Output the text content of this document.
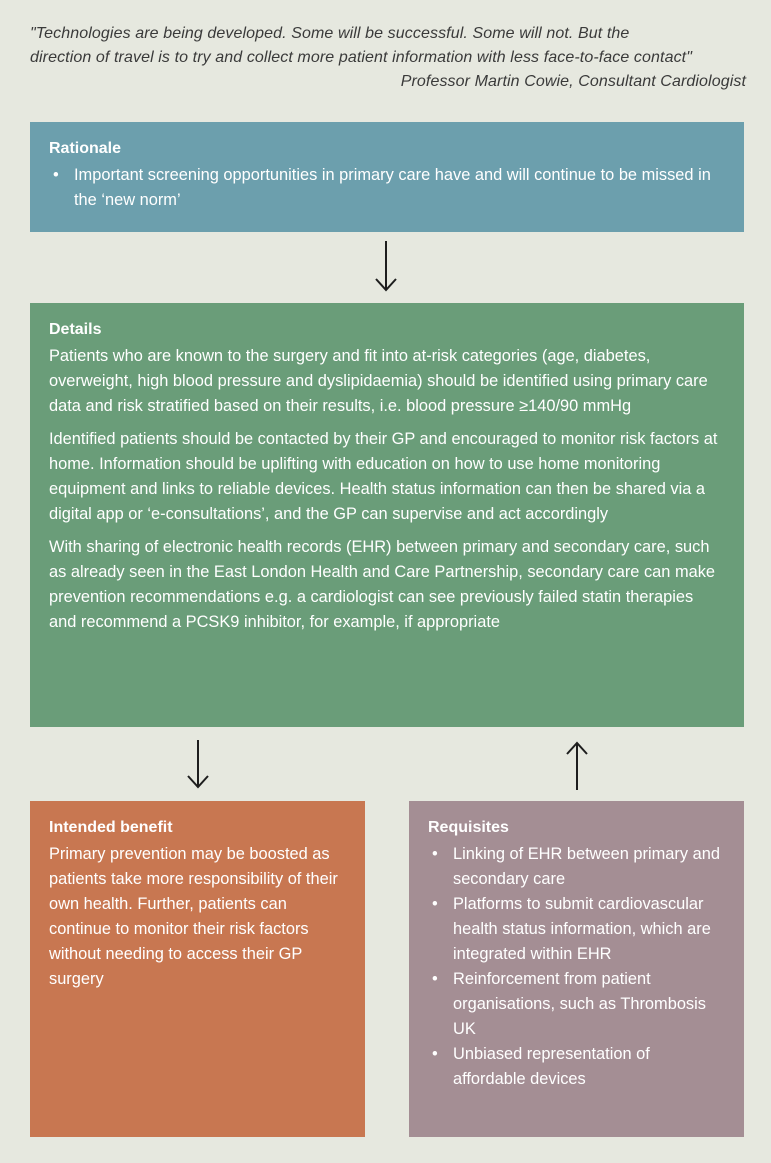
"Technologies are being developed. Some will be successful. Some will not. But the
direction of travel is to try and collect more patient information with less face-to-face contact"
Professor Martin Cowie, Consultant Cardiologist
Rationale
• Important screening opportunities in primary care have and will continue to be missed in the ‘new norm’
Details

Patients who are known to the surgery and fit into at-risk categories (age, diabetes, overweight, high blood pressure and dyslipidaemia) should be identified using primary care data and risk stratified based on their results, i.e. blood pressure ≥140/90 mmHg

Identified patients should be contacted by their GP and encouraged to monitor risk factors at home. Information should be uplifting with education on how to use home monitoring equipment and links to reliable devices. Health status information can then be shared via a digital app or ‘e-consultations’, and the GP can supervise and act accordingly

With sharing of electronic health records (EHR) between primary and secondary care, such as already seen in the East London Health and Care Partnership, secondary care can make prevention recommendations e.g. a cardiologist can see previously failed statin therapies and recommend a PCSK9 inhibitor, for example, if appropriate

Intended benefit

Primary prevention may be boosted as patients take more responsibility of their own health. Further, patients can continue to monitor their risk factors without needing to access their GP surgery

Requisites
• Linking of EHR between primary and secondary care
• Platforms to submit cardiovascular health status information, which are integrated within EHR
• Reinforcement from patient organisations, such as Thrombosis UK
• Unbiased representation of affordable devices
